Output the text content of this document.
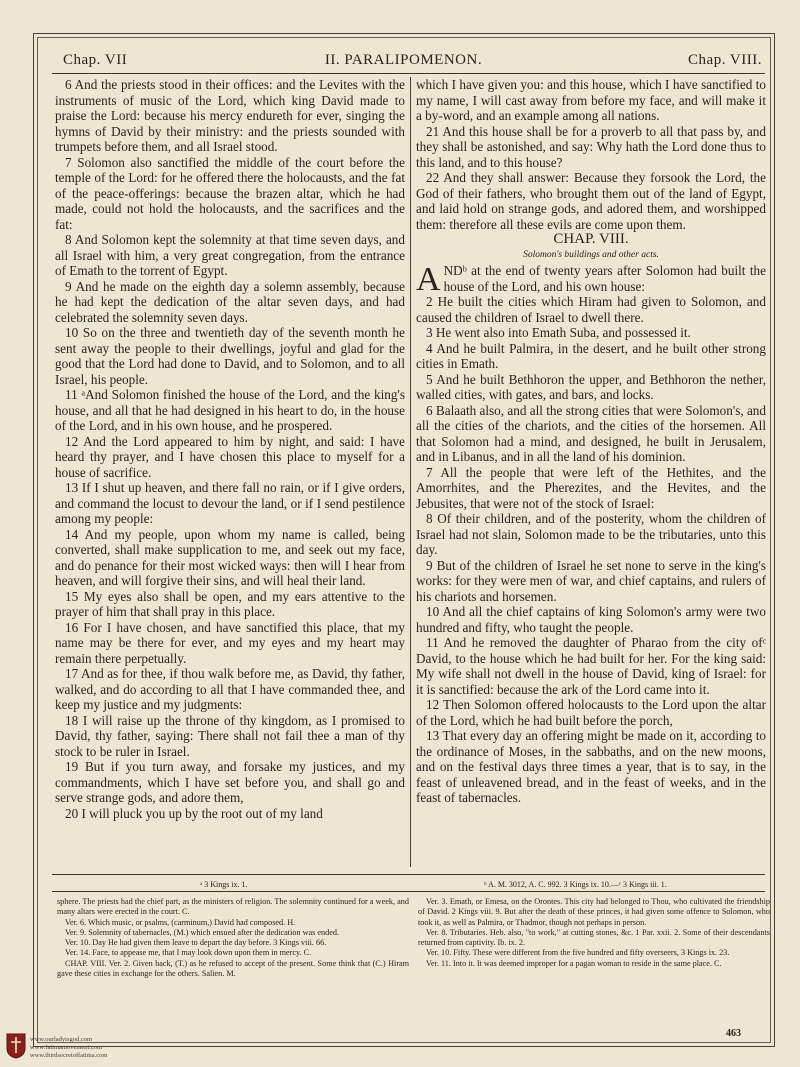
Chap. VII	II. PARALIPOMENON.	Chap. VIII.

6 And the priests stood in their offices: and the Levites with the instruments of music of the Lord, which king David made to praise the Lord: because his mercy endureth for ever, singing the hymns of David by their ministry: and the priests sounded with trumpets before them, and all Israel stood.

7 Solomon also sanctified the middle of the court before the temple of the Lord: for he offered there the holocausts, and the fat of the peace-offerings: because the brazen altar, which he had made, could not hold the holocausts, and the sacrifices and the fat:

8 And Solomon kept the solemnity at that time seven days, and all Israel with him, a very great congregation, from the entrance of Emath to the torrent of Egypt.

9 And he made on the eighth day a solemn assembly, because he had kept the dedication of the altar seven days, and had celebrated the solemnity seven days.

10 So on the three and twentieth day of the seventh month he sent away the people to their dwellings, joyful and glad for the good that the Lord had done to David, and to Solomon, and to all Israel, his people.

11 ᵃAnd Solomon finished the house of the Lord, and the king's house, and all that he had designed in his heart to do, in the house of the Lord, and in his own house, and he prospered.

12 And the Lord appeared to him by night, and said: I have heard thy prayer, and I have chosen this place to myself for a house of sacrifice.

13 If I shut up heaven, and there fall no rain, or if I give orders, and command the locust to devour the land, or if I send pestilence among my people:

14 And my people, upon whom my name is called, being converted, shall make supplication to me, and seek out my face, and do penance for their most wicked ways: then will I hear from heaven, and will forgive their sins, and will heal their land.

15 My eyes also shall be open, and my ears attentive to the prayer of him that shall pray in this place.

16 For I have chosen, and have sanctified this place, that my name may be there for ever, and my eyes and my heart may remain there perpetually.

17 And as for thee, if thou walk before me, as David, thy father, walked, and do according to all that I have commanded thee, and keep my justice and my judgments:

18 I will raise up the throne of thy kingdom, as I promised to David, thy father, saying: There shall not fail thee a man of thy stock to be ruler in Israel.

19 But if you turn away, and forsake my justices, and my commandments, which I have set before you, and shall go and serve strange gods, and adore them,

20 I will pluck you up by the root out of my land

which I have given you: and this house, which I have sanctified to my name, I will cast away from before my face, and will make it a by-word, and an example among all nations.

21 And this house shall be for a proverb to all that pass by, and they shall be astonished, and say: Why hath the Lord done thus to this land, and to this house?

22 And they shall answer: Because they forsook the Lord, the God of their fathers, who brought them out of the land of Egypt, and laid hold on strange gods, and adored them, and worshipped them: therefore all these evils are come upon them.

CHAP. VIII.

Solomon's buildings and other acts.

ANDᵇ at the end of twenty years after Solomon had built the house of the Lord, and his own house:

2 He built the cities which Hiram had given to Solomon, and caused the children of Israel to dwell there.

3 He went also into Emath Suba, and possessed it.

4 And he built Palmira, in the desert, and he built other strong cities in Emath.

5 And he built Bethhoron the upper, and Bethhoron the nether, walled cities, with gates, and bars, and locks.

6 Balaath also, and all the strong cities that were Solomon's, and all the cities of the chariots, and the cities of the horsemen. All that Solomon had a mind, and designed, he built in Jerusalem, and in Libanus, and in all the land of his dominion.

7 All the people that were left of the Hethites, and the Amorrhites, and the Pherezites, and the Hevites, and the Jebusites, that were not of the stock of Israel:

8 Of their children, and of the posterity, whom the children of Israel had not slain, Solomon made to be the tributaries, unto this day.

9 But of the children of Israel he set none to serve in the king's works: for they were men of war, and chief captains, and rulers of his chariots and horsemen.

10 And all the chief captains of king Solomon's army were two hundred and fifty, who taught the people.

11 And he removed the daughter of Pharao from the city ofᶜ David, to the house which he had built for her. For the king said: My wife shall not dwell in the house of David, king of Israel: for it is sanctified: because the ark of the Lord came into it.

12 Then Solomon offered holocausts to the Lord upon the altar of the Lord, which he had built before the porch,

13 That every day an offering might be made on it, according to the ordinance of Moses, in the sabbaths, and on the new moons, and on the festival days three times a year, that is to say, in the feast of unleavened bread, and in the feast of weeks, and in the feast of tabernacles.

ᵃ 3 Kings ix. 1.	ᵇ A. M. 3012, A. C. 992. 3 Kings ix. 10.—ᶜ 3 Kings iii. 1.

sphere. The priests had the chief part, as the ministers of religion. The solemnity continued for a week, and many altars were erected in the court. C.

Ver. 6. Which music, or psalms, (carminum,) David had composed. H.

Ver. 9. Solemnity of tabernacles, (M.) which ensued after the dedication was ended.

Ver. 10. Day He had given them leave to depart the day before. 3 Kings viii. 66.

Ver. 14. Face, to appease me, that I may look down upon them in mercy. C.

CHAP. VIII. Ver. 2. Given back, (T.) as he refused to accept of the present. Some think that (C.) Hiram gave these cities in exchange for the others. Salien. M.

Ver. 3. Emath, or Emesa, on the Orontes. This city had belonged to Thou, who cultivated the friendship of David. 2 Kings viii. 9. But after the death of these princes, it had given some offence to Solomon, who took it, as well as Palmira, or Thadmor, though not perhaps in person.

Ver. 8. Tributaries. Heb. also, "to work," at cutting stones, &c. 1 Par. xxii. 2. Some of their descendants returned from captivity. Ib. ix. 2.

Ver. 10. Fifty. These were different from the five hundred and fifty overseers, 3 Kings ix. 23.

Ver. 11. Into it. It was deemed improper for a pagan woman to reside in the same place. C.

463
www.ourladyisgod.com
www.fatimamovement.com
www.thirdsecretoffatima.com
